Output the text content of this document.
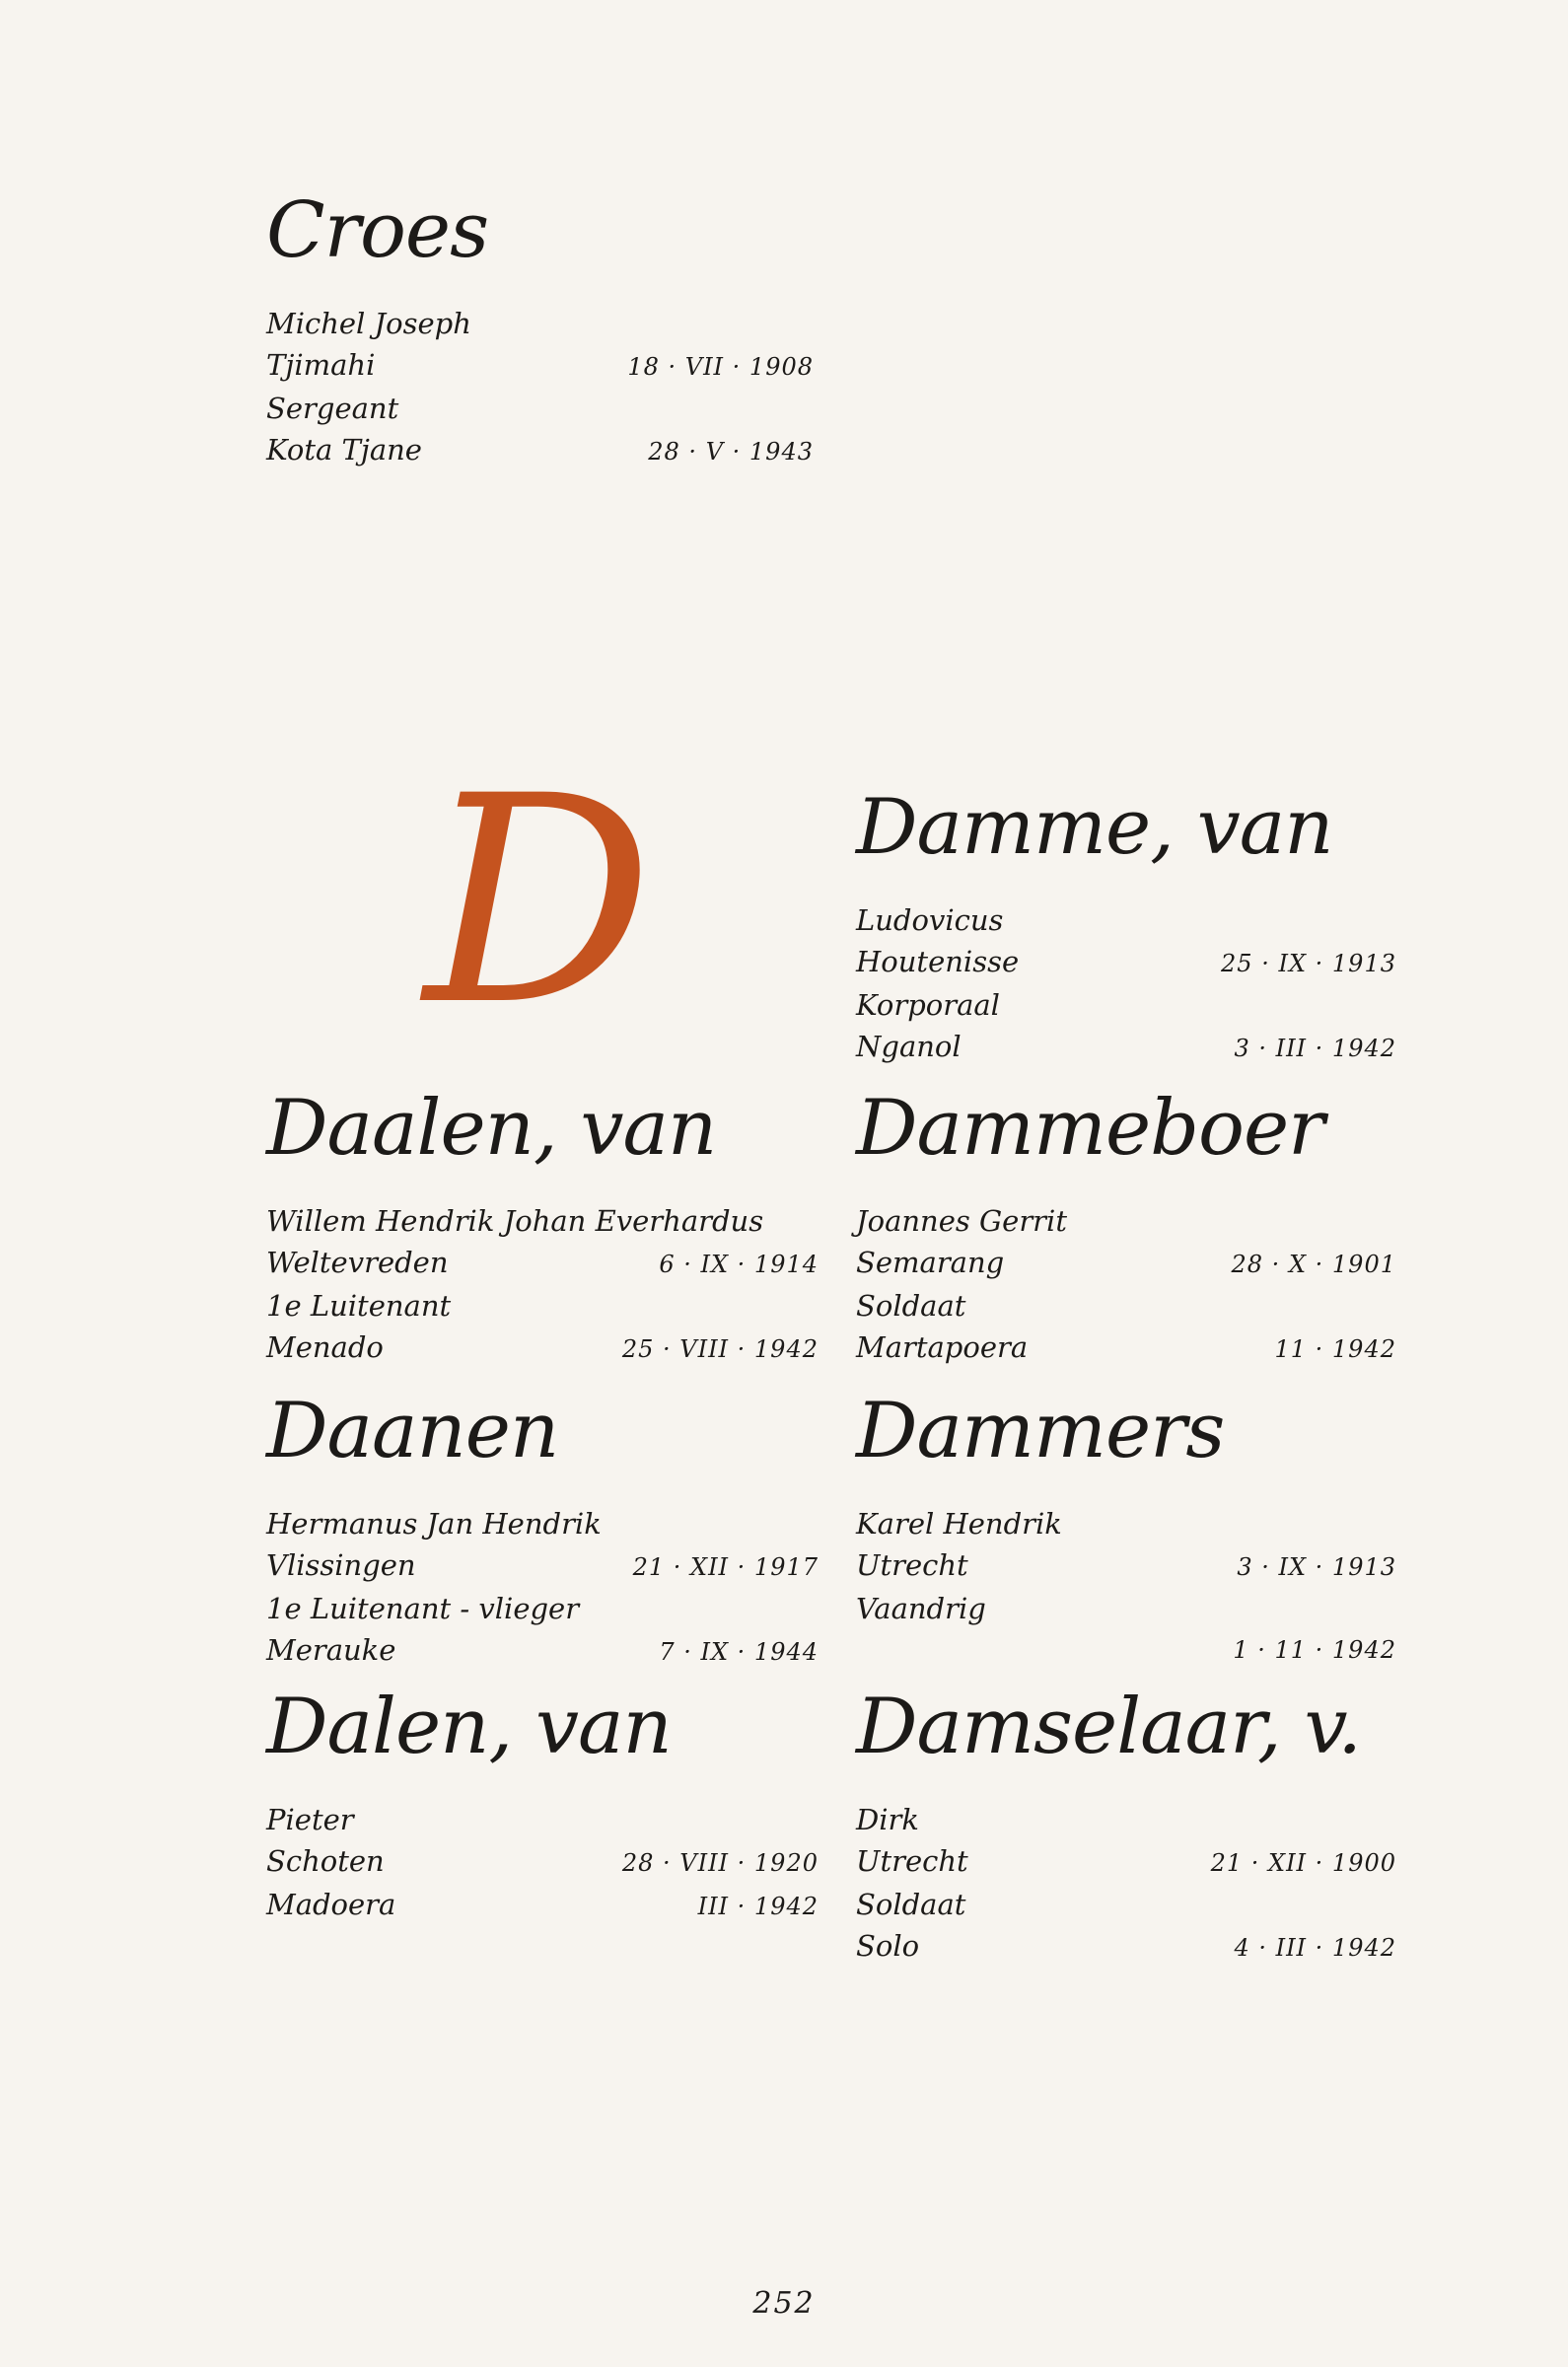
D
Croes
Michel Joseph
Tjimahi	18 · VII · 1908
Sergeant
Kota Tjane	28 · V · 1943
Damme, van
Ludovicus
Houtenisse	25 · IX · 1913
Korporaal
Nganol	3 · III · 1942
Daalen, van
Willem Hendrik Johan Everhardus
Weltevreden	6 · IX · 1914
1e Luitenant
Menado	25 · VIII · 1942
Dammeboer
Joannes Gerrit
Semarang	28 · X · 1901
Soldaat
Martapoera	11 · 1942
Daanen
Hermanus Jan Hendrik
Vlissingen	21 · XII · 1917
1e Luitenant - vlieger
Merauke	7 · IX · 1944
Dammers
Karel Hendrik
Utrecht	3 · IX · 1913
Vaandrig
1 · 11 · 1942
Dalen, van
Pieter
Schoten	28 · VIII · 1920
Madoera	III · 1942
Damselaar, v.
Dirk
Utrecht	21 · XII · 1900
Soldaat
Solo	4 · III · 1942
252
